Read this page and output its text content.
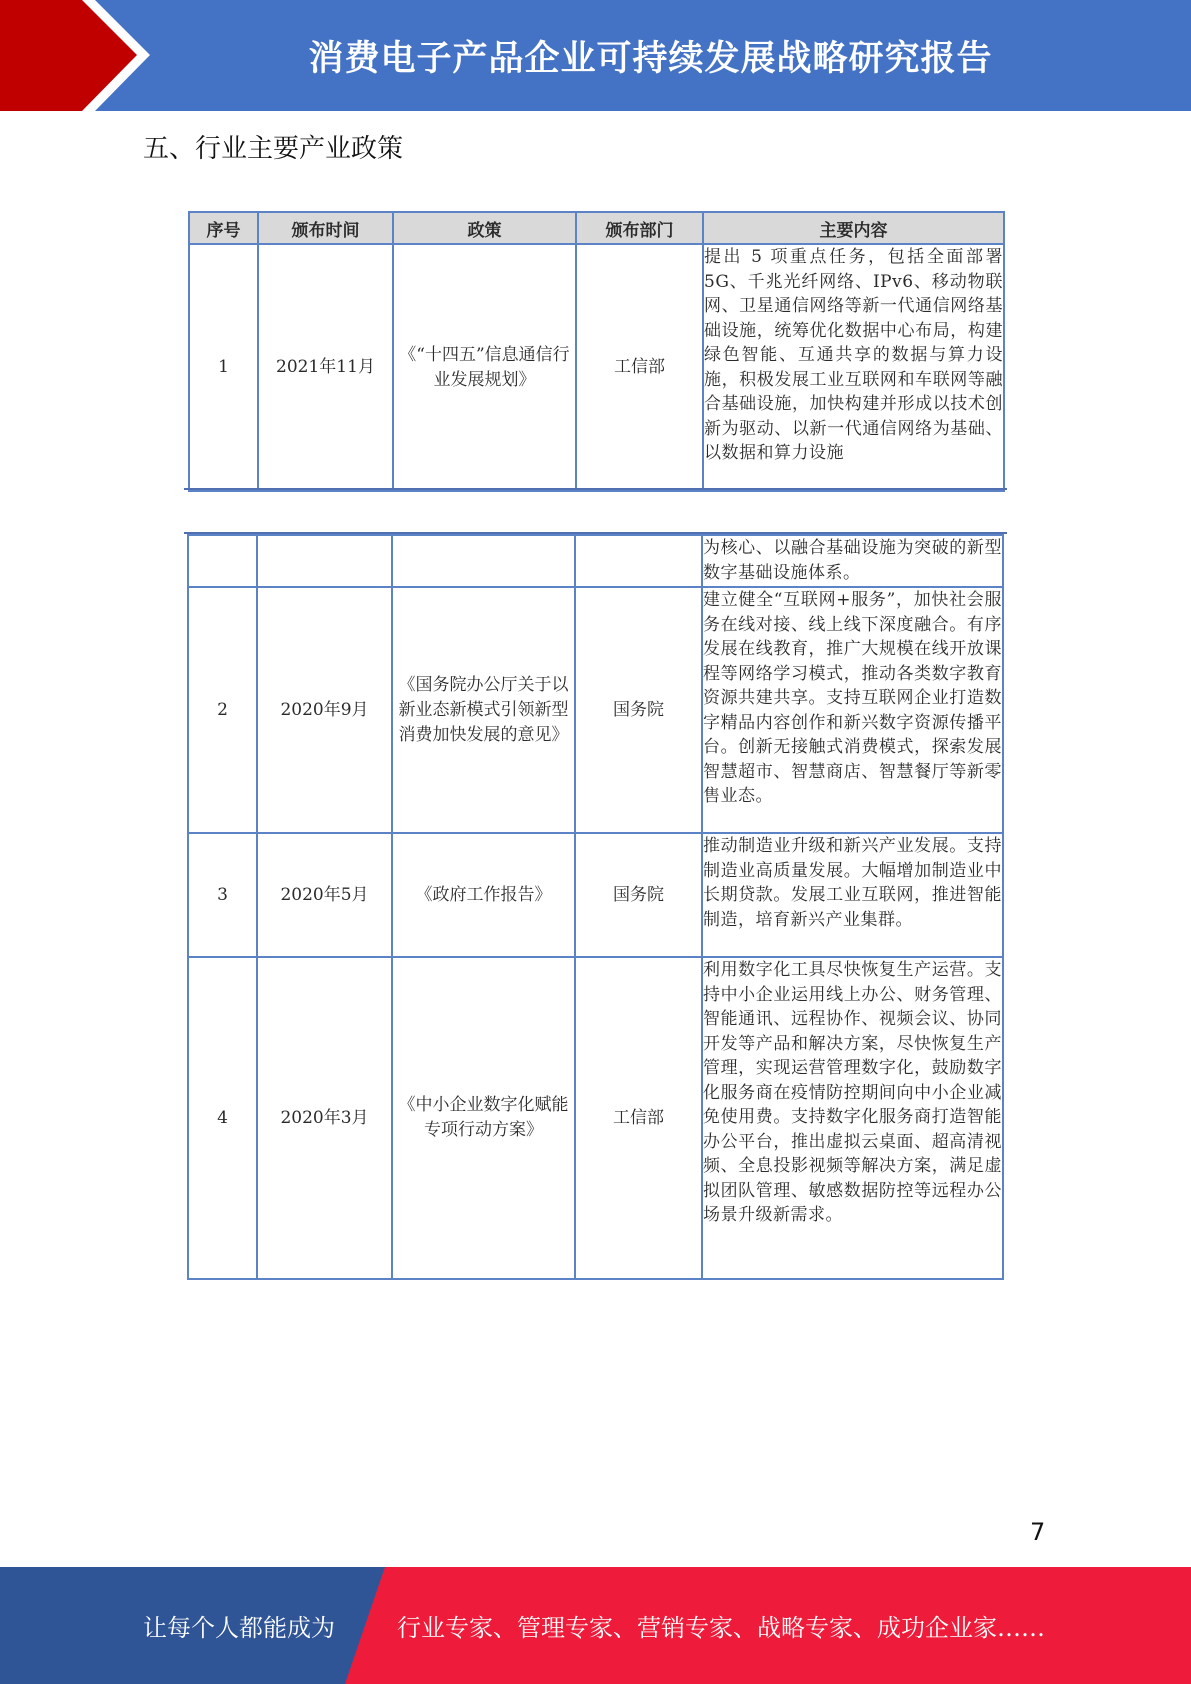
消费电子产品企业可持续发展战略研究报告
五、行业主要产业政策
序号	颁布时间	政策	颁布部门	主要内容
1	2021年11月	《“十四五”信息通信行业发展规划》	工信部	提出 5 项重点任务，包括全面部署 5G、千兆光纤网络、IPv6、移动物联网、卫星通信网络等新一代通信网络基础设施，统筹优化数据中心布局，构建绿色智能、互通共享的数据与算力设施，积极发展工业互联网和车联网等融合基础设施，加快构建并形成以技术创新为驱动、以新一代通信网络为基础、以数据和算力设施
				为核心、以融合基础设施为突破的新型数字基础设施体系。
2	2020年9月	《国务院办公厅关于以新业态新模式引领新型消费加快发展的意见》	国务院	建立健全“互联网+服务”，加快社会服务在线对接、线上线下深度融合。有序发展在线教育，推广大规模在线开放课程等网络学习模式，推动各类数字教育资源共建共享。支持互联网企业打造数字精品内容创作和新兴数字资源传播平台。创新无接触式消费模式，探索发展智慧超市、智慧商店、智慧餐厅等新零售业态。
3	2020年5月	《政府工作报告》	国务院	推动制造业升级和新兴产业发展。支持制造业高质量发展。大幅增加制造业中长期贷款。发展工业互联网，推进智能制造，培育新兴产业集群。
4	2020年3月	《中小企业数字化赋能专项行动方案》	工信部	利用数字化工具尽快恢复生产运营。支持中小企业运用线上办公、财务管理、智能通讯、远程协作、视频会议、协同开发等产品和解决方案，尽快恢复生产管理，实现运营管理数字化，鼓励数字化服务商在疫情防控期间向中小企业减免使用费。支持数字化服务商打造智能办公平台，推出虚拟云桌面、超高清视频、全息投影视频等解决方案，满足虚拟团队管理、敏感数据防控等远程办公场景升级新需求。
7
让每个人都能成为	行业专家、管理专家、营销专家、战略专家、成功企业家……
